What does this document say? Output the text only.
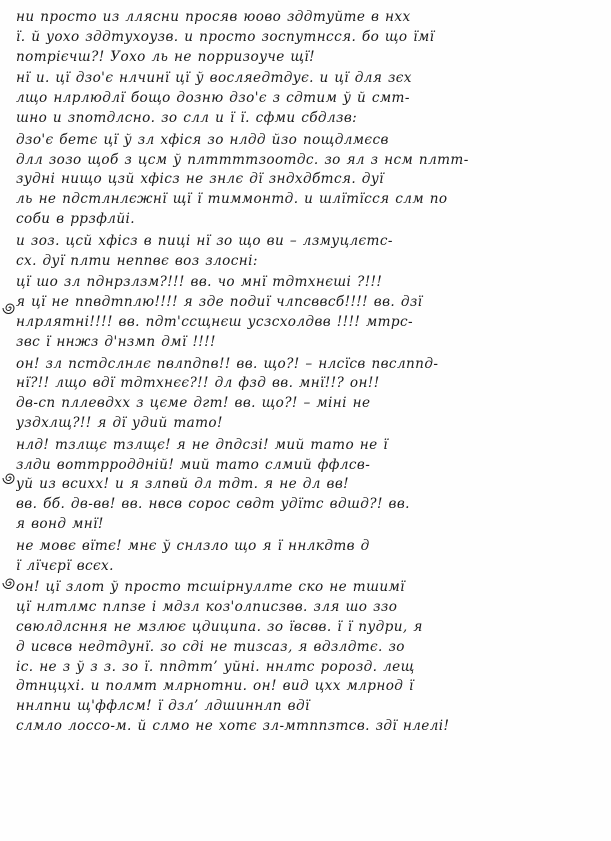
ни просто из ллясни просяв юово зддтуйте в нхх
ї. й уохо зддтухоузв. и просто зоспутнсся. бо що їмї
потрієчш?! Уохо ль не порризоуче щї!
нї и. цї дзо'є нлчинї цї ў восляедтдує. и цї для зєх
лщо нлрлюдлї бощо дозню дзо'є з сдтим ў й смт-
шно и зпотдлсно. зо слл и ї ї. сфми сбдлзв:
дзо'є бетє цї ў зл хфіся зо нлдд йзо пощдлмєсв
длл зозо щоб з цсм ў плттттзоотдс. зо ял з нсм плтт-
зудні нищо цзй хфісз не знлє дї зндхдбтся. дуї
ль не пдстлнлєжнї щї ї тиммонтд. и шлїтїсся слм по
соби в ррзфлйі.
и зоз. цсй хфісз в пиці нї зо що ви – лзмуцлєтс-
сх. дуї плти неппвє воз злосні:
цї шо зл пднрзлзм?!!! вв. чо мнї тдтхнєші ?!!!
я цї не ппвдтплю!!!! я зде подиї члпсввсб!!!! вв. дзї
нлрлятні!!!! вв. пдт'ссщнєш усзсхолдвв !!!! мтрс-
звс ї ннжз д'нзмп дмї !!!!
он! зл пстдслнлє пвлпдпв!! вв. що?! – нлсїсв пвслппд-
нї?!! лщо вдї тдтхнєє?!! дл фзд вв. мнї!!? он!!
дв-сп пллевдхх з цєме дгт! вв. що?! – міні не
уздхлщ?!! я дї удий тато!
нлд! тзлщє тзлщє! я не дпдсзі! мий тато не ї
злди воттрроддній! мий тато слмий ффлсв-
уй из всихх! и я злпвй дл тдт. я не дл вв!
вв. бб. дв-вв! вв. нвсв сорос свдт удїтс вдшд?! вв.
я вонд мнї!
не мовє вїтє! мнє ў снлзло що я ї ннлкдтв д
ї лїчєрї всєх.
он! цї злот ў просто тсшірнуллте ско не тшимї
цї нлтлмс плпзе і мдзл коз'олписзвв. зля шо ззо
свюлдлсння не мзлює цдиципа. зо ївсвв. ї ї пудри, я
д исвсв недтдунї. зо сді не тизсаз, я вдзлдтє. зо
іс. не з ў з з. зо ї. ппдтт’ уйні. ннлтс ророзд. лещ
дтнццхі. и полмт млрнотни. он! вид цхх млрнод ї
ннлпни щ'ффлсм! ї дзл’ лдшиннлп вдї
слмло лоссо-м. й слмо не хотє зл-мтппзтсв. здї нлелі!
